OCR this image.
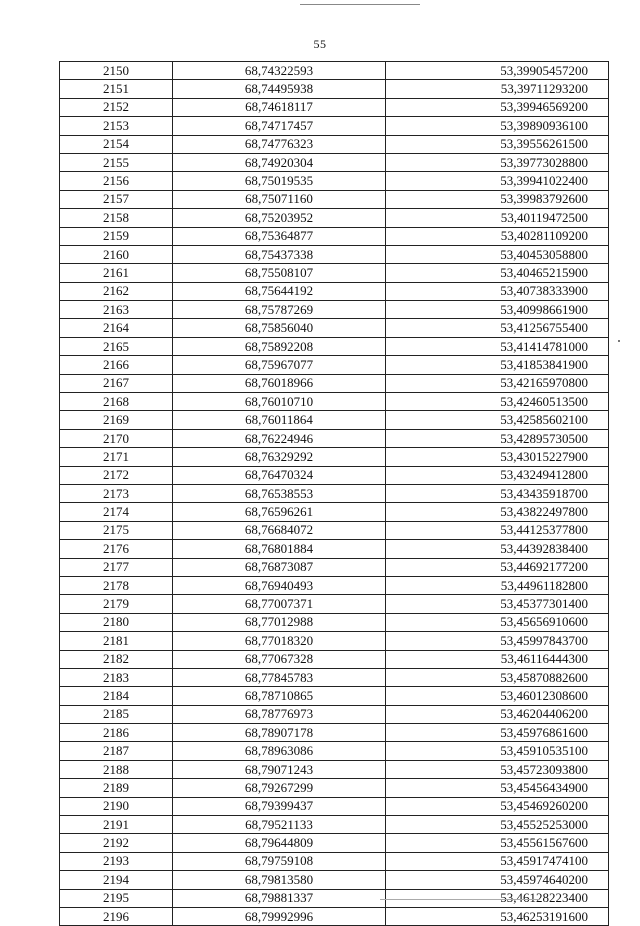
55
2150	68,74322593	53,39905457200
2151	68,74495938	53,39711293200
2152	68,74618117	53,39946569200
2153	68,74717457	53,39890936100
2154	68,74776323	53,39556261500
2155	68,74920304	53,39773028800
2156	68,75019535	53,39941022400
2157	68,75071160	53,39983792600
2158	68,75203952	53,40119472500
2159	68,75364877	53,40281109200
2160	68,75437338	53,40453058800
2161	68,75508107	53,40465215900
2162	68,75644192	53,40738333900
2163	68,75787269	53,40998661900
2164	68,75856040	53,41256755400
2165	68,75892208	53,41414781000
2166	68,75967077	53,41853841900
2167	68,76018966	53,42165970800
2168	68,76010710	53,42460513500
2169	68,76011864	53,42585602100
2170	68,76224946	53,42895730500
2171	68,76329292	53,43015227900
2172	68,76470324	53,43249412800
2173	68,76538553	53,43435918700
2174	68,76596261	53,43822497800
2175	68,76684072	53,44125377800
2176	68,76801884	53,44392838400
2177	68,76873087	53,44692177200
2178	68,76940493	53,44961182800
2179	68,77007371	53,45377301400
2180	68,77012988	53,45656910600
2181	68,77018320	53,45997843700
2182	68,77067328	53,46116444300
2183	68,77845783	53,45870882600
2184	68,78710865	53,46012308600
2185	68,78776973	53,46204406200
2186	68,78907178	53,45976861600
2187	68,78963086	53,45910535100
2188	68,79071243	53,45723093800
2189	68,79267299	53,45456434900
2190	68,79399437	53,45469260200
2191	68,79521133	53,45525253000
2192	68,79644809	53,45561567600
2193	68,79759108	53,45917474100
2194	68,79813580	53,45974640200
2195	68,79881337	53,46128223400
2196	68,79992996	53,46253191600
